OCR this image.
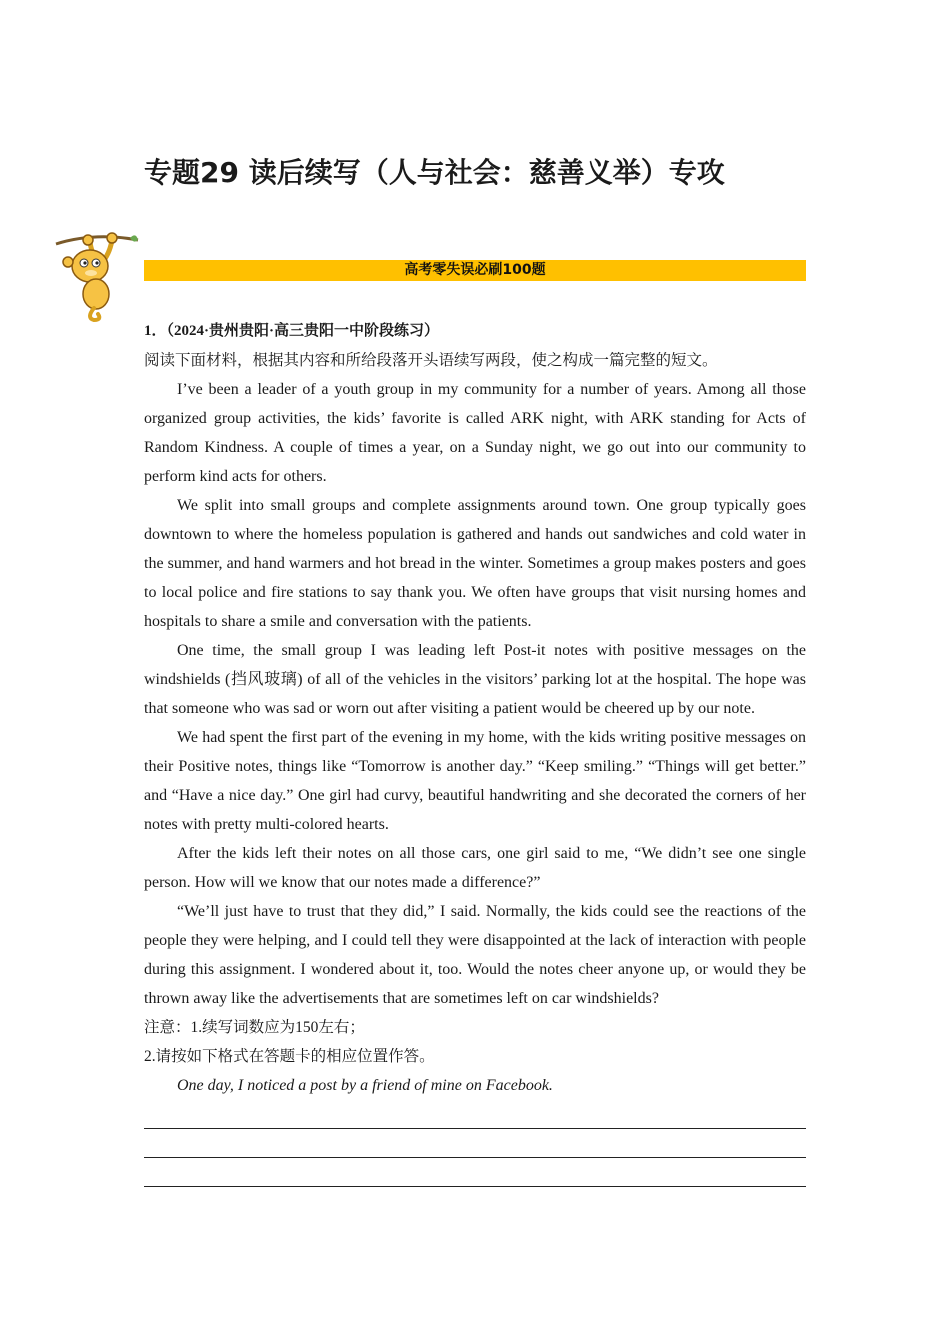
专题29 读后续写（人与社会：慈善义举）专攻
高考零失误必刷100题

1．（2024·贵州贵阳·高三贵阳一中阶段练习）

阅读下面材料，根据其内容和所给段落开头语续写两段，使之构成一篇完整的短文。

I’ve been a leader of a youth group in my community for a number of years. Among all those organized group activities, the kids’ favorite is called ARK night, with ARK standing for Acts of Random Kindness. A couple of times a year, on a Sunday night, we go out into our community to perform kind acts for others.

We split into small groups and complete assignments around town. One group typically goes downtown to where the homeless population is gathered and hands out sandwiches and cold water in the summer, and hand warmers and hot bread in the winter. Sometimes a group makes posters and goes to local police and fire stations to say thank you. We often have groups that visit nursing homes and hospitals to share a smile and conversation with the patients.

One time, the small group I was leading left Post-it notes with positive messages on the windshields (挡风玻璃) of all of the vehicles in the visitors’ parking lot at the hospital. The hope was that someone who was sad or worn out after visiting a patient would be cheered up by our note.

We had spent the first part of the evening in my home, with the kids writing positive messages on their Positive notes, things like “Tomorrow is another day.” “Keep smiling.” “Things will get better.” and “Have a nice day.” One girl had curvy, beautiful handwriting and she decorated the corners of her notes with pretty multi-colored hearts.

After the kids left their notes on all those cars, one girl said to me, “We didn’t see one single person. How will we know that our notes made a difference?”

“We’ll just have to trust that they did,” I said. Normally, the kids could see the reactions of the people they were helping, and I could tell they were disappointed at the lack of interaction with people during this assignment. I wondered about it, too. Would the notes cheer anyone up, or would they be thrown away like the advertisements that are sometimes left on car windshields?

注意：1.续写词数应为150左右；

2.请按如下格式在答题卡的相应位置作答。

One day, I noticed a post by a friend of mine on Facebook.
